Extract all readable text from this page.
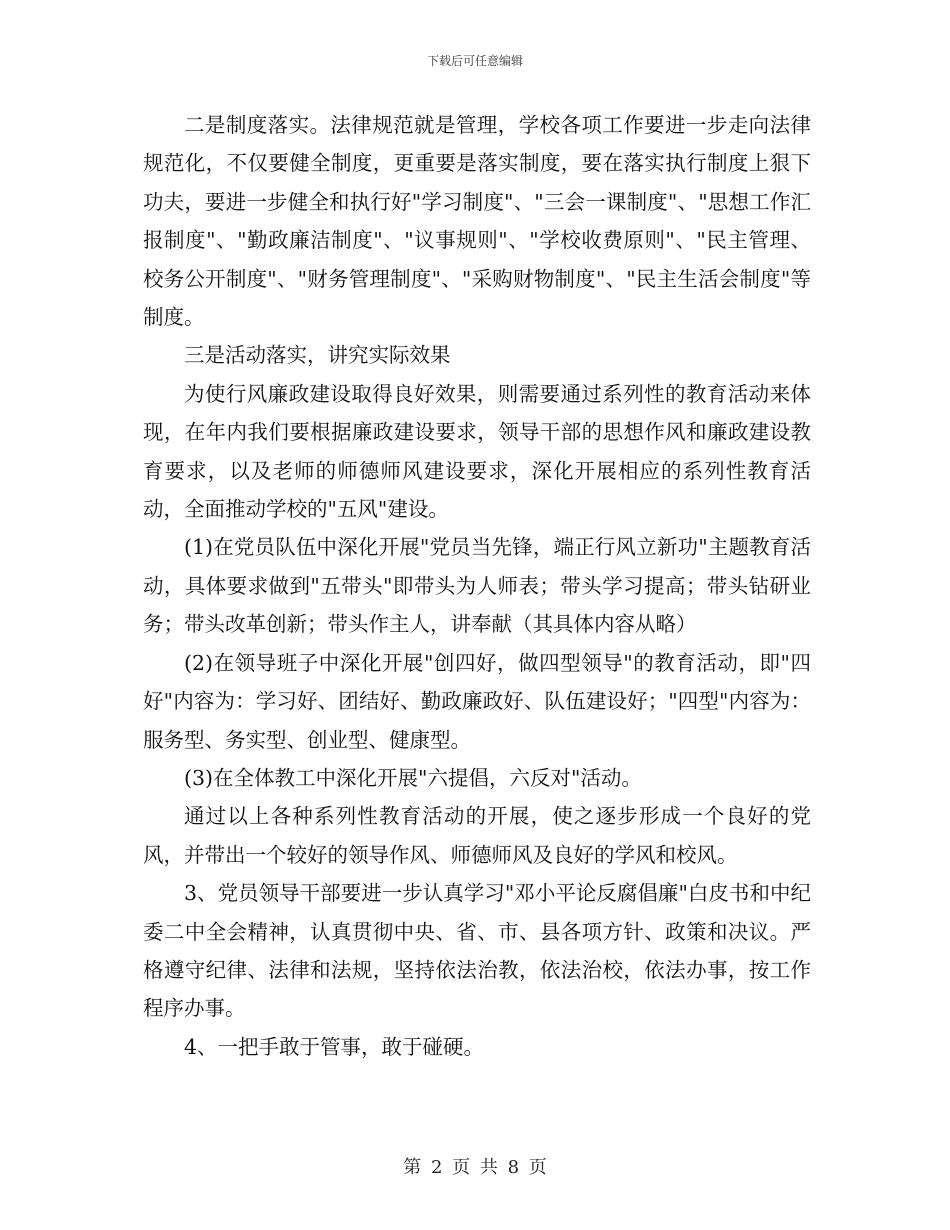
下载后可任意编辑

二是制度落实。法律规范就是管理，学校各项工作要进一步走向法律规范化，不仅要健全制度，更重要是落实制度，要在落实执行制度上狠下功夫，要进一步健全和执行好"学习制度"、"三会一课制度"、"思想工作汇报制度"、"勤政廉洁制度"、"议事规则"、"学校收费原则"、"民主管理、校务公开制度"、"财务管理制度"、"采购财物制度"、"民主生活会制度"等制度。

三是活动落实，讲究实际效果

为使行风廉政建设取得良好效果，则需要通过系列性的教育活动来体现，在年内我们要根据廉政建设要求，领导干部的思想作风和廉政建设教育要求，以及老师的师德师风建设要求，深化开展相应的系列性教育活动，全面推动学校的"五风"建设。

(1)在党员队伍中深化开展"党员当先锋，端正行风立新功"主题教育活动，具体要求做到"五带头"即带头为人师表；带头学习提高；带头钻研业务；带头改革创新；带头作主人，讲奉献（其具体内容从略）

(2)在领导班子中深化开展"创四好，做四型领导"的教育活动，即"四好"内容为：学习好、团结好、勤政廉政好、队伍建设好；"四型"内容为：服务型、务实型、创业型、健康型。

(3)在全体教工中深化开展"六提倡，六反对"活动。

通过以上各种系列性教育活动的开展，使之逐步形成一个良好的党风，并带出一个较好的领导作风、师德师风及良好的学风和校风。

3、党员领导干部要进一步认真学习"邓小平论反腐倡廉"白皮书和中纪委二中全会精神，认真贯彻中央、省、市、县各项方针、政策和决议。严格遵守纪律、法律和法规，坚持依法治教，依法治校，依法办事，按工作程序办事。

4、一把手敢于管事，敢于碰硬。

第 2 页 共 8 页
